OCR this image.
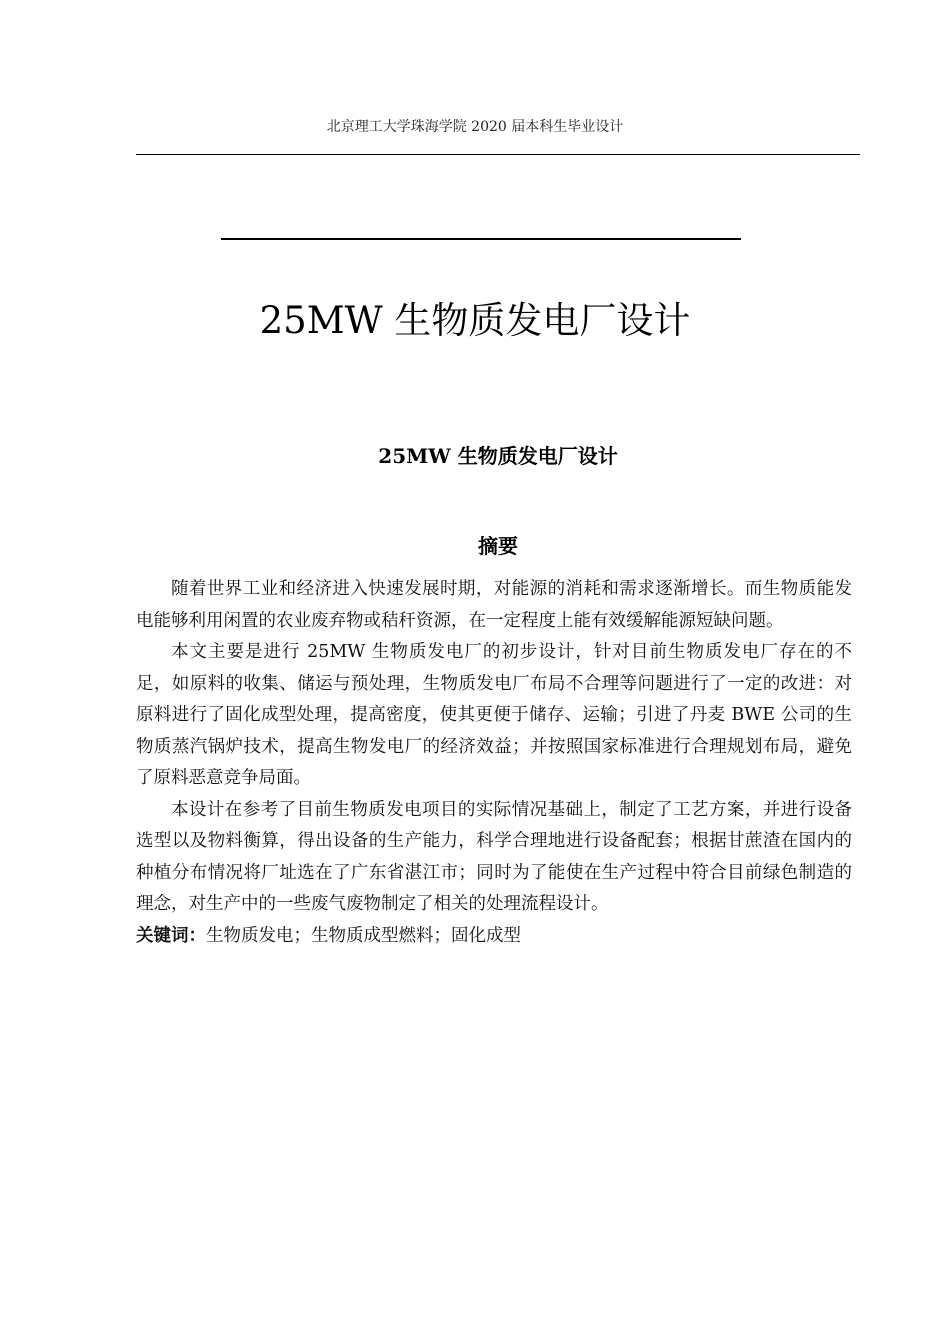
北京理工大学珠海学院 2020 届本科生毕业设计
25MW 生物质发电厂设计
25MW 生物质发电厂设计
摘要

随着世界工业和经济进入快速发展时期，对能源的消耗和需求逐渐增长。而生物质能发电能够利用闲置的农业废弃物或秸秆资源，在一定程度上能有效缓解能源短缺问题。

本文主要是进行 25MW 生物质发电厂的初步设计，针对目前生物质发电厂存在的不足，如原料的收集、储运与预处理，生物质发电厂布局不合理等问题进行了一定的改进：对原料进行了固化成型处理，提高密度，使其更便于储存、运输；引进了丹麦 BWE 公司的生物质蒸汽锅炉技术，提高生物发电厂的经济效益；并按照国家标准进行合理规划布局，避免了原料恶意竞争局面。

本设计在参考了目前生物质发电项目的实际情况基础上，制定了工艺方案，并进行设备选型以及物料衡算，得出设备的生产能力，科学合理地进行设备配套；根据甘蔗渣在国内的种植分布情况将厂址选在了广东省湛江市；同时为了能使在生产过程中符合目前绿色制造的理念，对生产中的一些废气废物制定了相关的处理流程设计。

关键词：生物质发电；生物质成型燃料；固化成型
